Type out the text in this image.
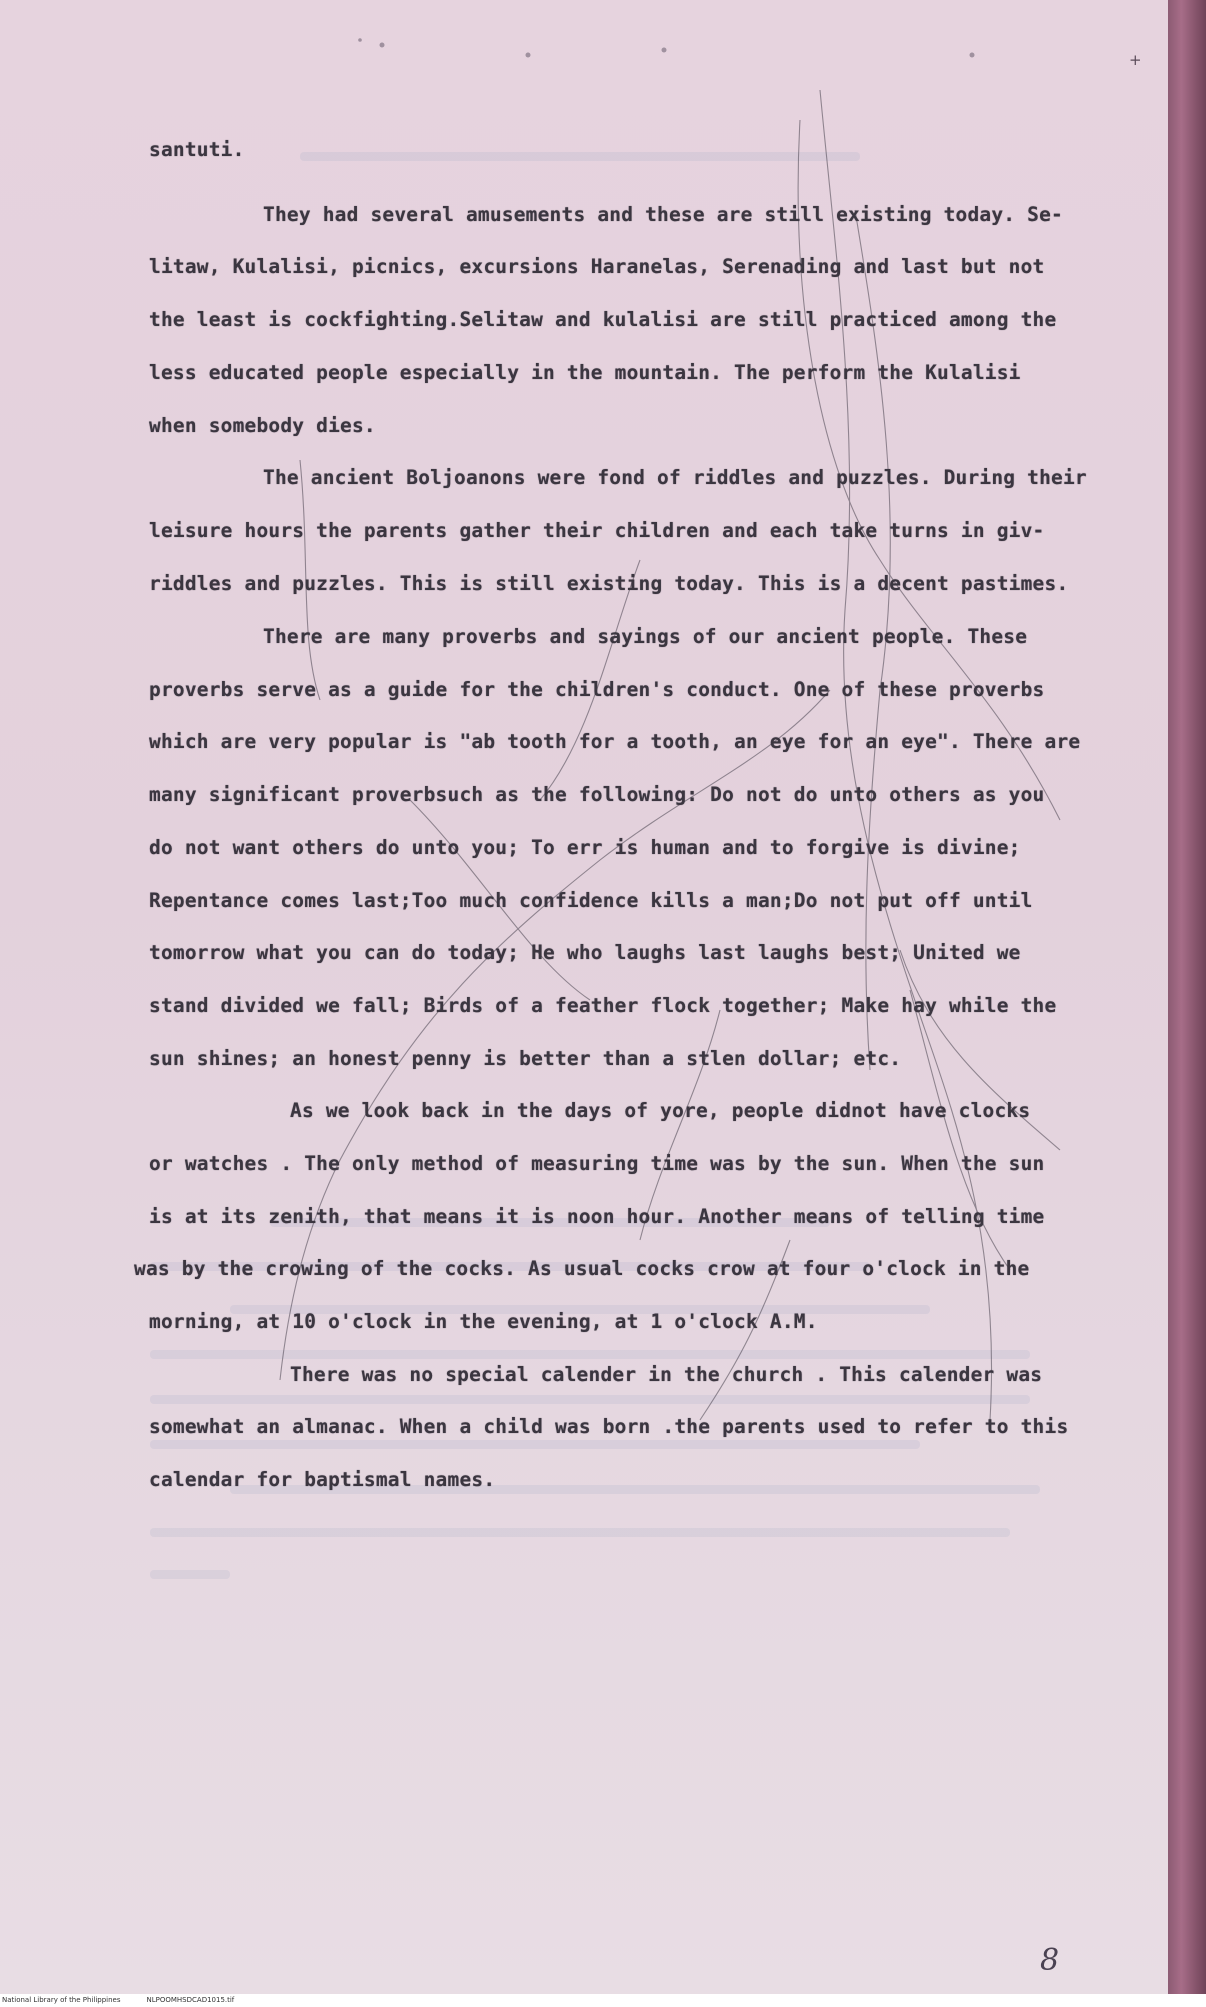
santuti.

They had several amusements and these are still existing today. Se-

litaw, Kulalisi, picnics, excursions Haranelas, Serenading and last but not

the least is cockfighting.Selitaw and kulalisi are still practiced among the

less educated people especially in the mountain. The perform the Kulalisi

when somebody dies.

The ancient Boljoanons were fond of riddles and puzzles. During their

leisure hours the parents gather their children and each take turns in giv-

riddles and puzzles. This is still existing today. This is a decent pastimes.

There are many proverbs and sayings of our ancient people. These

proverbs serve as a guide for the children's conduct. One of these proverbs

which are very popular is "ab tooth for a tooth, an eye for an eye". There are

many significant proverbsuch as the following: Do not do unto others as you

do not want others do unto you; To err is human and to forgive is divine;

Repentance comes last;Too much confidence kills a man;Do not put off until

tomorrow what you can do today; He who laughs last laughs best; United we

stand divided we fall; Birds of a feather flock together; Make hay while the

sun shines; an honest penny is better than a stlen dollar; etc.

As we look back in the days of yore, people didnot have clocks

or watches . The only method of measuring time was by the sun. When the sun

is at its zenith, that means it is noon hour. Another means of telling time

was by the crowing of the cocks. As usual cocks crow at four o'clock in the

morning, at 10 o'clock in the evening, at 1 o'clock A.M.

There was no special calender in the church . This calender was

somewhat an almanac. When a child was born .the parents used to refer to this

calendar for baptismal names.

+
8
National Library of the Philippines	NLPOOMHSDCAD1015.tif
